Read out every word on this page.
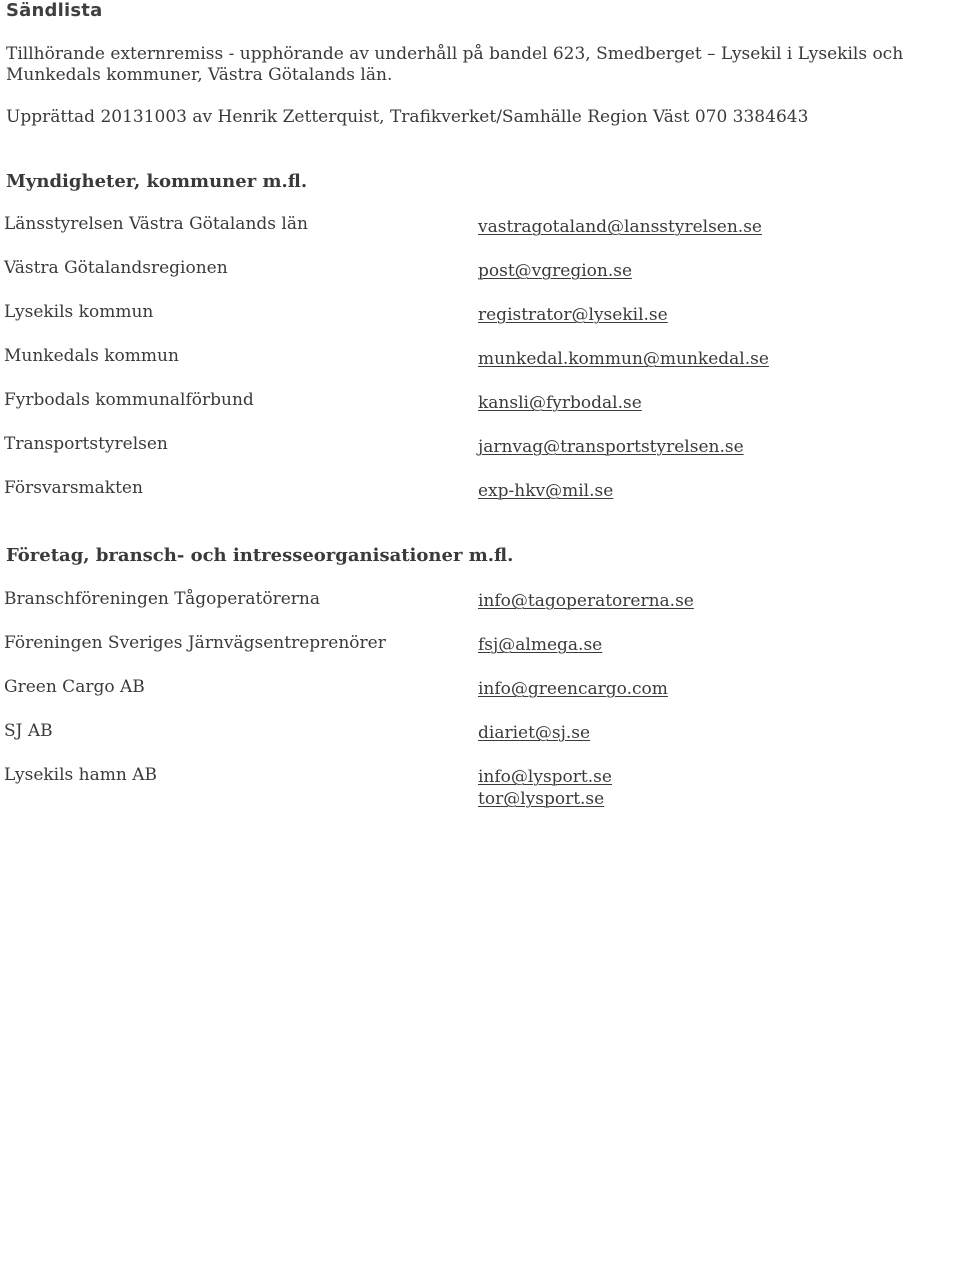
Sändlista
Tillhörande externremiss - upphörande av underhåll på bandel 623, Smedberget – Lysekil i Lysekils och Munkedals kommuner, Västra Götalands län.
Upprättad 20131003 av Henrik Zetterquist, Trafikverket/Samhälle Region Väst 070 3384643
Myndigheter, kommuner m.fl.
Länsstyrelsen Västra Götalands län	vastragotaland@lansstyrelsen.se
Västra Götalandsregionen	post@vgregion.se
Lysekils kommun	registrator@lysekil.se
Munkedals kommun	munkedal.kommun@munkedal.se
Fyrbodals kommunalförbund	kansli@fyrbodal.se
Transportstyrelsen	jarnvag@transportstyrelsen.se
Försvarsmakten	exp-hkv@mil.se
Företag, bransch- och intresseorganisationer m.fl.
Branschföreningen Tågoperatörerna	info@tagoperatorerna.se
Föreningen Sveriges Järnvägsentreprenörer	fsj@almega.se
Green Cargo AB	info@greencargo.com
SJ AB	diariet@sj.se
Lysekils hamn AB	info@lysport.se
tor@lysport.se
